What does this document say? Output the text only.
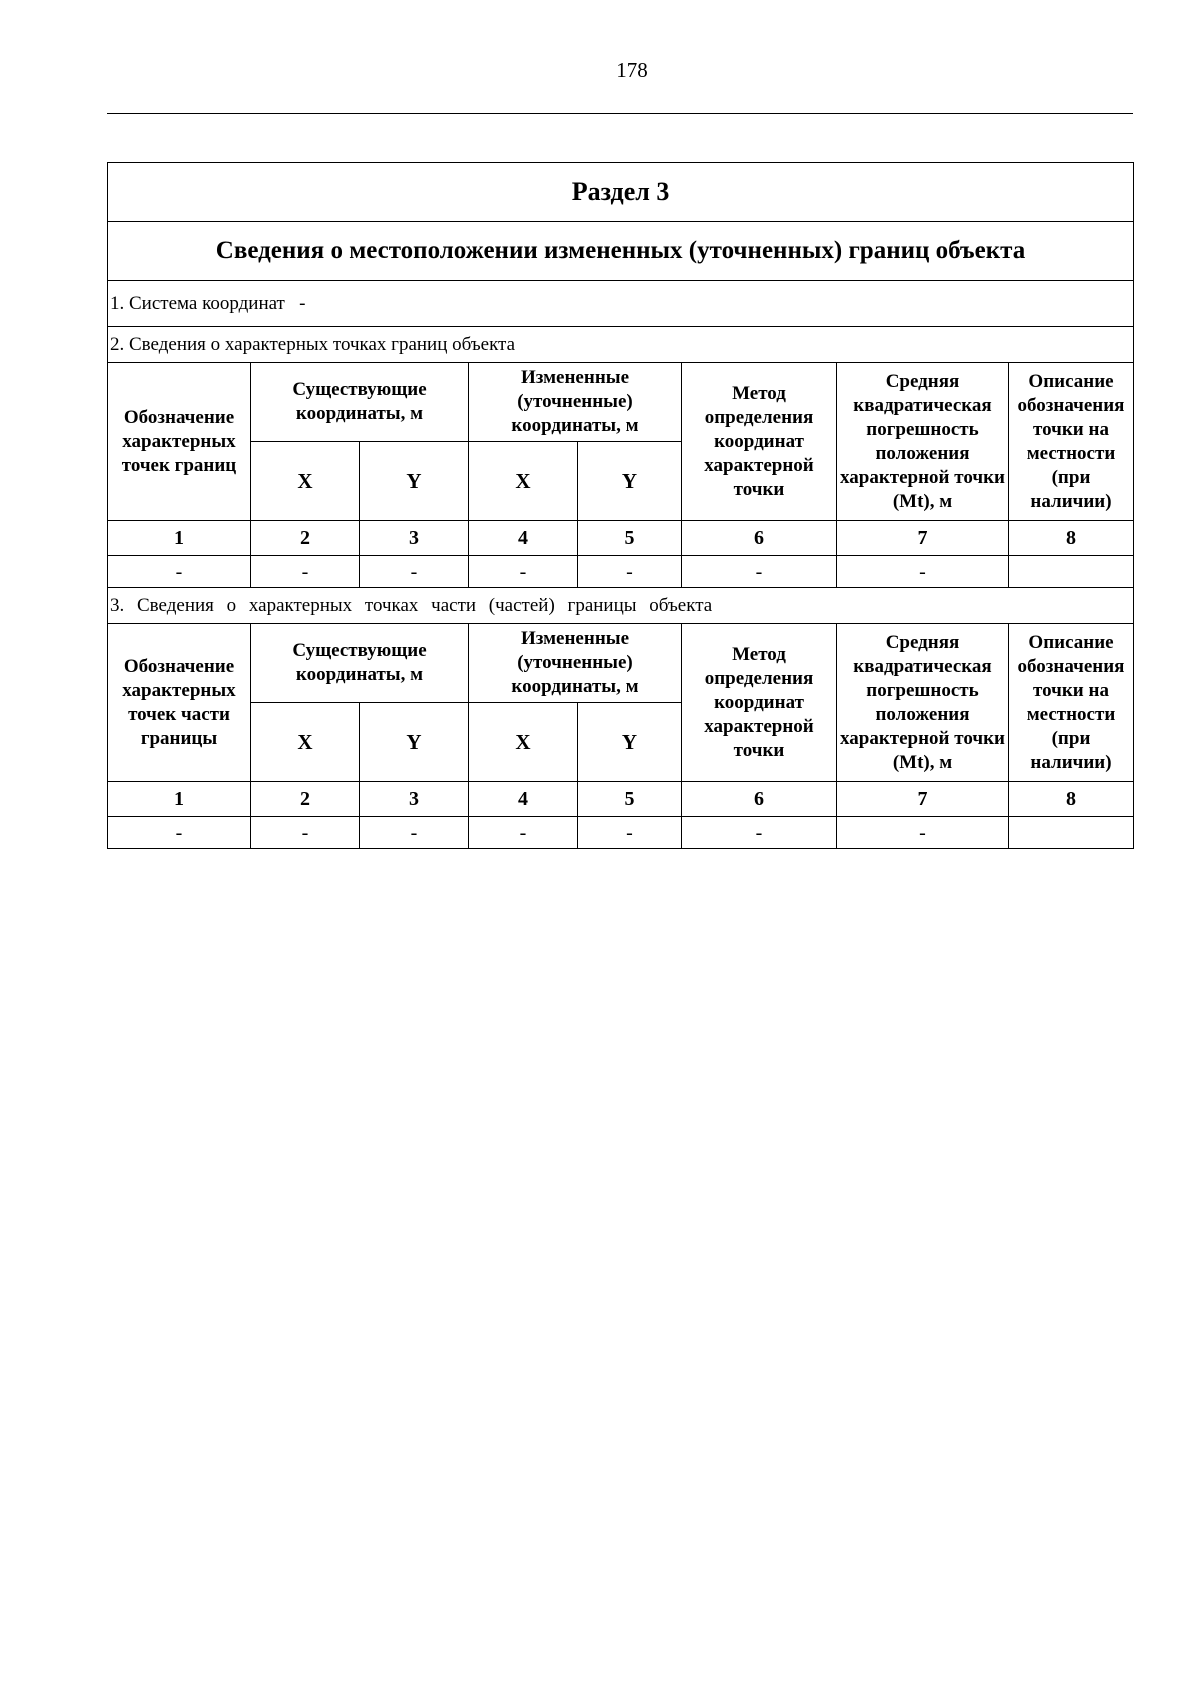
178
Раздел 3							
Сведения о местоположении измененных (уточненных) границ объекта							
1. Система координат -							
2. Сведения о характерных точках границ объекта							
Обозначение характерных точек границ	Существующие координаты, м		Измененные (уточненные) координаты, м		Метод определения координат характерной точки	Средняя квадратическая погрешность положения характерной точки (Mt), м	Описание обозначения точки на местности (при наличии)
	X	Y	X	Y			
1	2	3	4	5	6	7	8
-	-	-	-	-	-	-	
3. Сведения о характерных точках части (частей) границы объекта							
Обозначение характерных точек части границы	Существующие координаты, м		Измененные (уточненные) координаты, м		Метод определения координат характерной точки	Средняя квадратическая погрешность положения характерной точки (Mt), м	Описание обозначения точки на местности (при наличии)
	X	Y	X	Y			
1	2	3	4	5	6	7	8
-	-	-	-	-	-	-	
